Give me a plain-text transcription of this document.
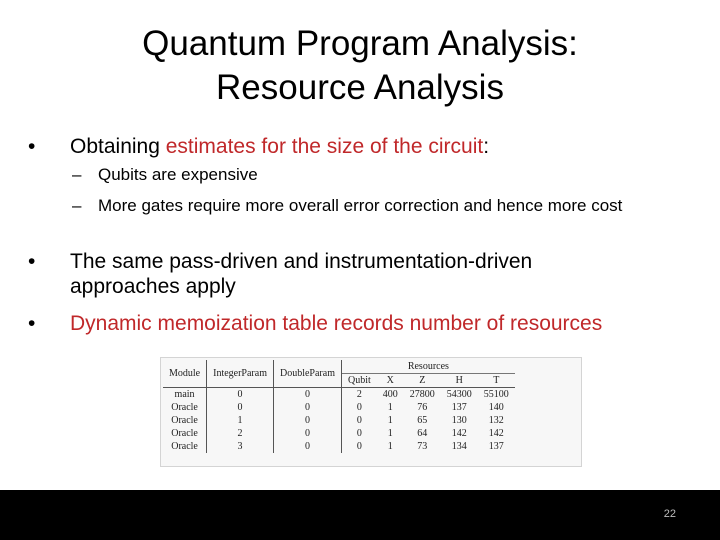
Quantum Program Analysis:
Resource Analysis
• Obtaining estimates for the size of the circuit:
– Qubits are expensive
– More gates require more overall error correction and hence more cost
• The same pass-driven and instrumentation-driven approaches apply
• Dynamic memoization table records number of resources
Module	IntegerParam	DoubleParam	Resources				
			Qubit	X	Z	H	T
main	0	0	2	400	27800	54300	55100
Oracle	0	0	0	1	76	137	140
Oracle	1	0	0	1	65	130	132
Oracle	2	0	0	1	64	142	142
Oracle	3	0	0	1	73	134	137
22
